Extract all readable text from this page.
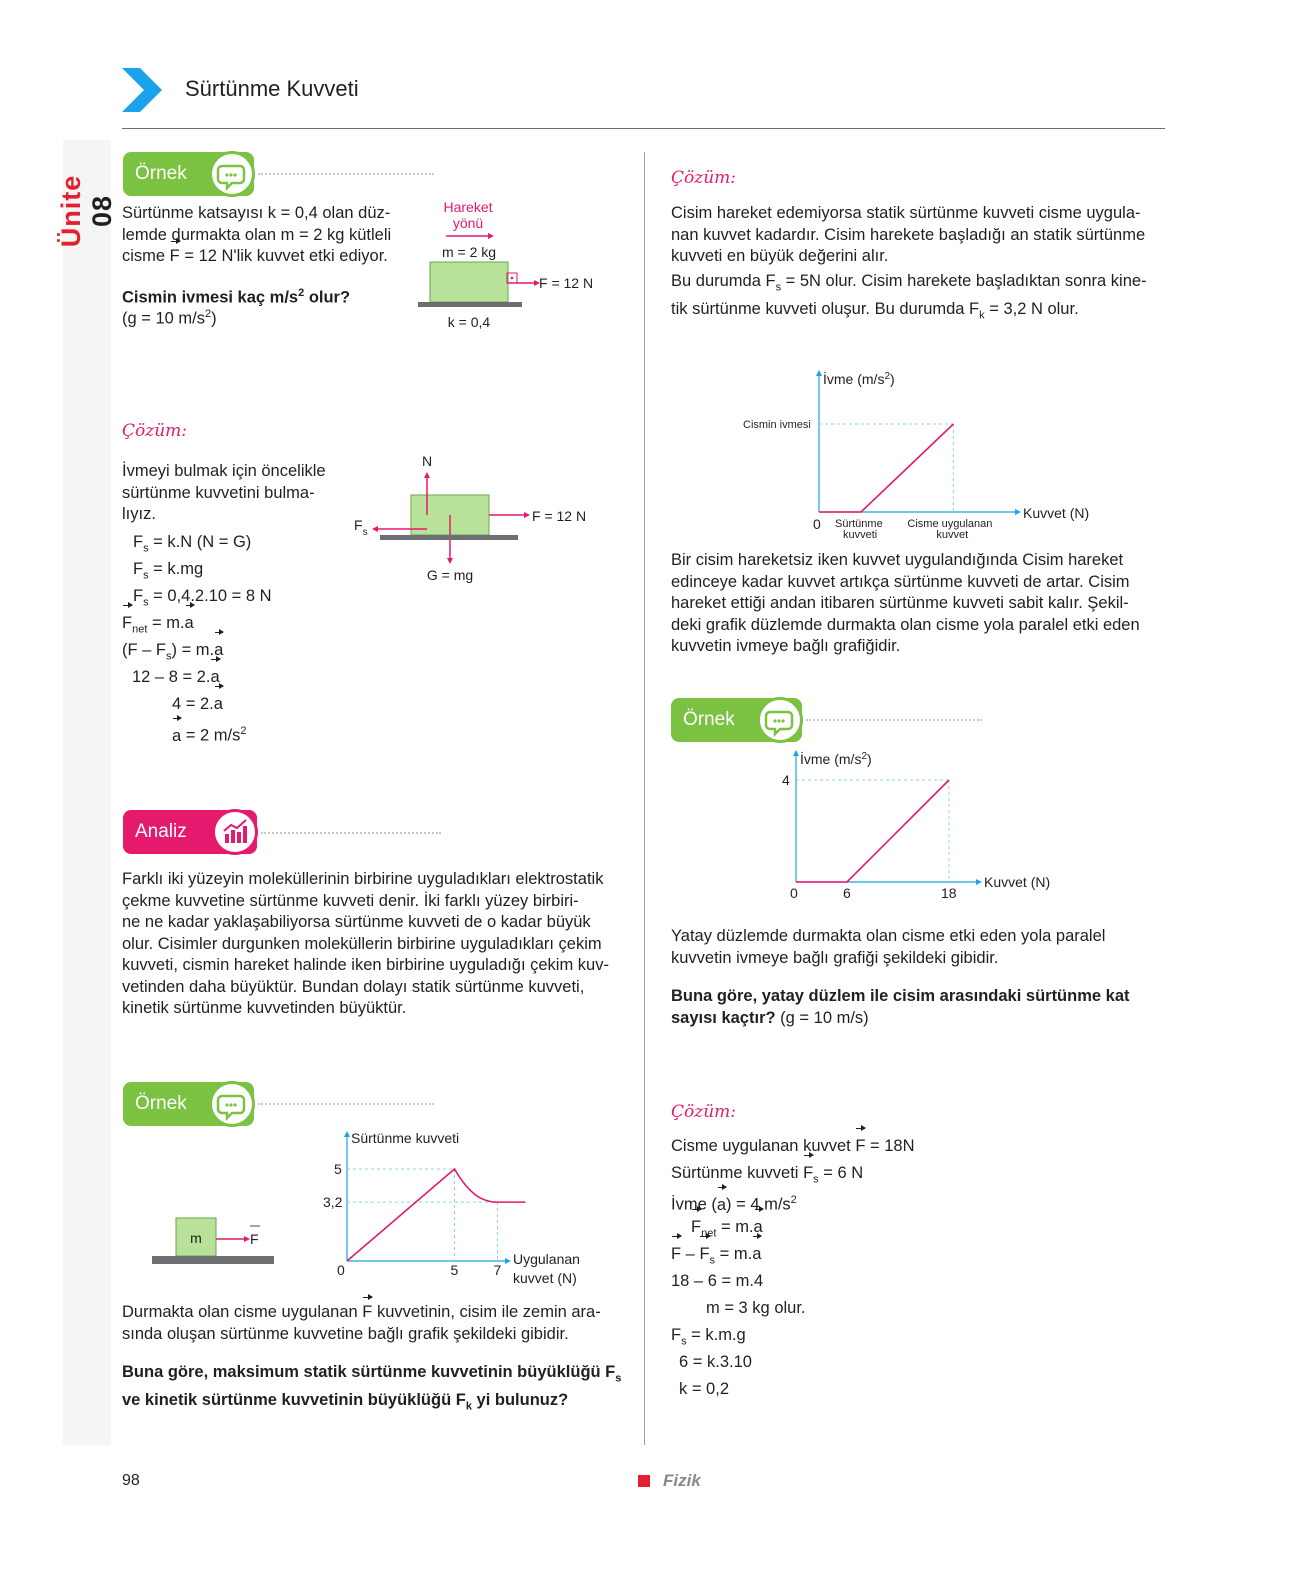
Sürtünme Kuvveti
Ünite 08
Örnek
Sürtünme katsayısı k = 0,4 olan düz-
lemde durmakta olan m = 2 kg kütleli
cisme F = 12 N'lik kuvvet etki ediyor.
Cismin ivmesi kaç $m/s^2$ olur?
(g = 10 $m/s^2$)
Hareket
yönü
m = 2 kg
F = 12 N
k = 0,4
Çözüm:
İvmeyi bulmak için öncelikle
sürtünme kuvvetini bulma-
lıyız.
$F_s = k.N$ (N = G)
$F_s = k.mg$
$F_s = 0,4.2.10 = 8$ N
$F_{net} = m.a$
$(F - F_s) = m.a$
12 – 8 = 2.a
4 = 2.a
a = 2 $m/s^2$
N
F = 12 N
$F_s$
G = mg
Analiz
Farklı iki yüzeyin moleküllerinin birbirine uyguladıkları elektrostatik
çekme kuvvetine sürtünme kuvveti denir. İki farklı yüzey birbiri-
ne ne kadar yaklaşabiliyorsa sürtünme kuvveti de o kadar büyük
olur. Cisimler durgunken moleküllerin birbirine uyguladıkları çekim
kuvveti, cismin hareket halinde iken birbirine uyguladığı çekim kuv-
vetinden daha büyüktür. Bundan dolayı statik sürtünme kuvveti,
kinetik sürtünme kuvvetinden büyüktür.
Örnek
m	F
Sürtünme kuvveti
Uygulanan
kuvvet (N)
0	5	7
5
3,2
Durmakta olan cisme uygulanan F kuvvetinin, cisim ile zemin ara-
sında oluşan sürtünme kuvvetine bağlı grafik şekildeki gibidir.
Buna göre, maksimum statik sürtünme kuvvetinin büyüklüğü $F_s$
ve kinetik sürtünme kuvvetinin büyüklüğü $F_k$ yi bulunuz?
Çözüm:
Cisim hareket edemiyorsa statik sürtünme kuvveti cisme uygula-
nan kuvvet kadardır. Cisim harekete başladığı an statik sürtünme
kuvveti en büyük değerini alır.
Bu durumda $F_s = 5N$ olur. Cisim harekete başladıktan sonra kine-
tik sürtünme kuvveti oluşur. Bu durumda $F_k = 3,2$ N olur.
İvme $(m/s^2)$
Kuvvet (N)
Cismin ivmesi
0 Sürtünme
kuvveti
Cisme uygulanan
kuvvet
Bir cisim hareketsiz iken kuvvet uygulandığında Cisim hareket
edinceye kadar kuvvet artıkça sürtünme kuvveti de artar. Cisim
hareket ettiği andan itibaren sürtünme kuvveti sabit kalır. Şekil-
deki grafik düzlemde durmakta olan cisme yola paralel etki eden
kuvvetin ivmeye bağlı grafiğidir.
Örnek
İvme $(m/s^2)$
Kuvvet (N)
0	6	18
4
Yatay düzlemde durmakta olan cisme etki eden yola paralel
kuvvetin ivmeye bağlı grafiği şekildeki gibidir.
Buna göre, yatay düzlem ile cisim arasındaki sürtünme kat
sayısı kaçtır? (g = 10 m/s)
Çözüm:
Cisme uygulanan kuvvet F = 18N
Sürtünme kuvveti $F_s = 6$ N
İvme (a) = 4 $m/s^2$
$F_{net} = m.a$
$F - F_s = m.a$
18 – 6 = m.4
m = 3 kg olur.
$F_s = k.m.g$
6 = k.3.10
k = 0,2
98	Fizik
